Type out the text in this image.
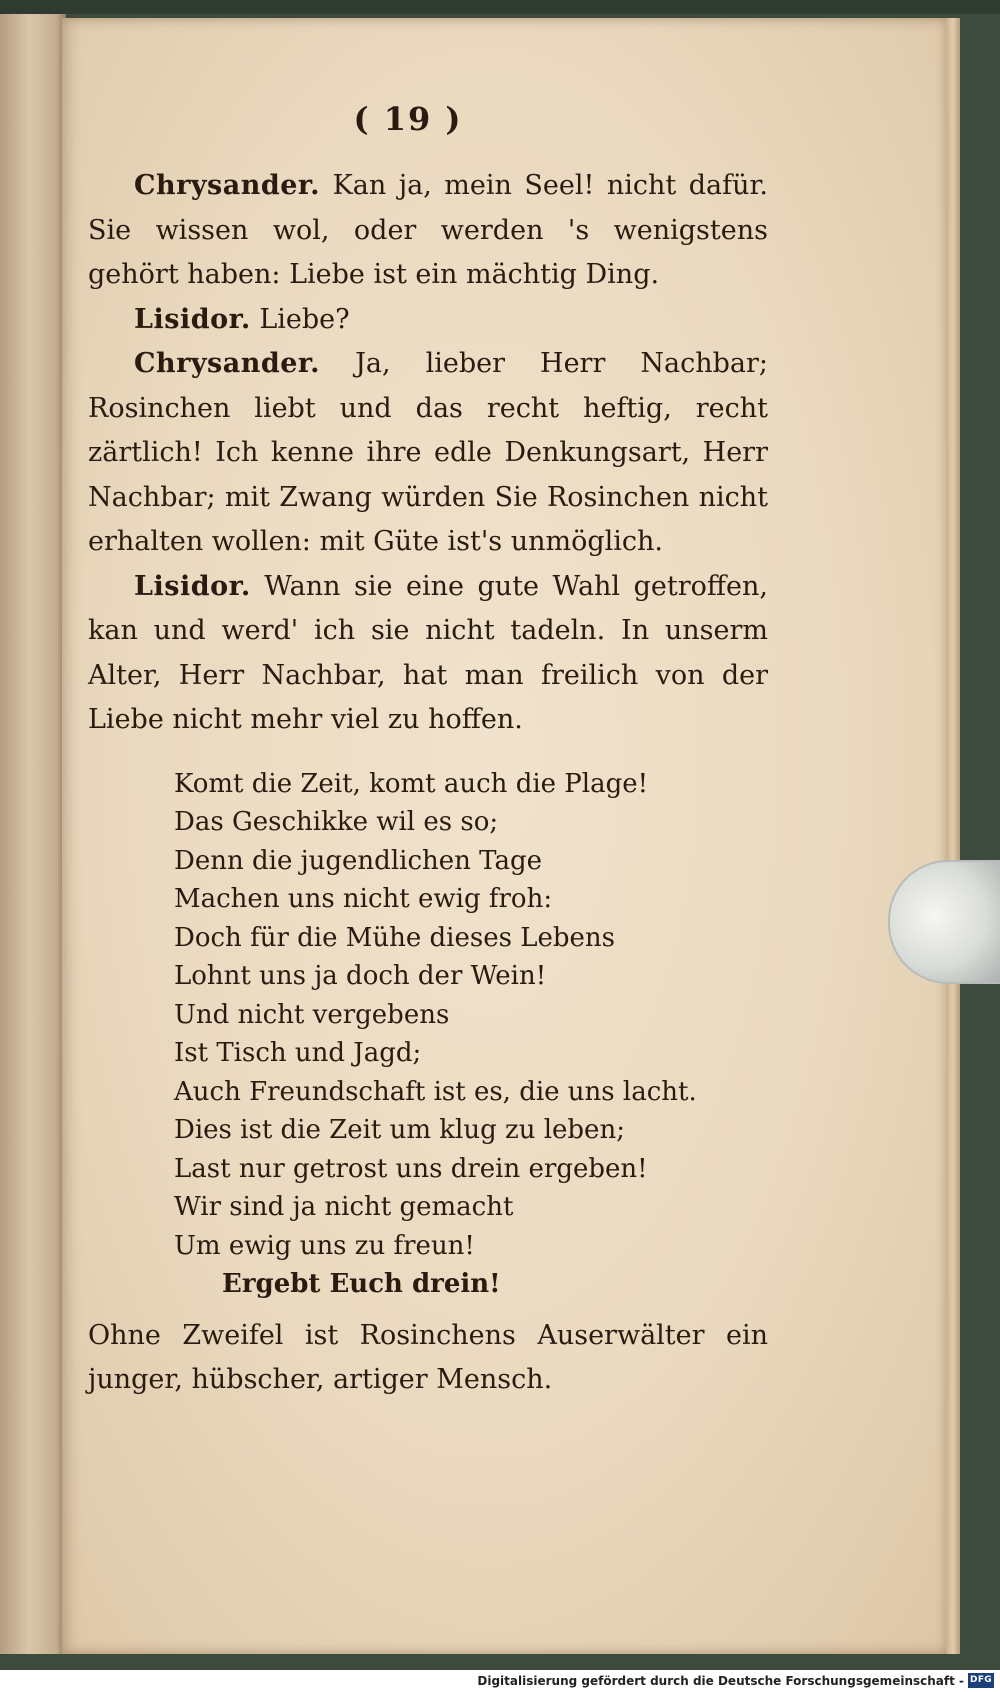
( 19 )

Chrysander. Kan ja, mein Seel! nicht dafür. Sie wissen wol, oder werden 's wenigstens gehört haben: Liebe ist ein mächtig Ding.

Lisidor. Liebe?

Chrysander. Ja, lieber Herr Nachbar; Rosinchen liebt und das recht heftig, recht zärtlich! Ich kenne ihre edle Denkungsart, Herr Nachbar; mit Zwang würden Sie Rosinchen nicht erhalten wollen: mit Güte ist's unmöglich.

Lisidor. Wann sie eine gute Wahl getroffen, kan und werd' ich sie nicht tadeln. In unserm Alter, Herr Nachbar, hat man freilich von der Liebe nicht mehr viel zu hoffen.

Komt die Zeit, komt auch die Plage!
Das Geschikke wil es so;
Denn die jugendlichen Tage
Machen uns nicht ewig froh:
Doch für die Mühe dieses Lebens
Lohnt uns ja doch der Wein!
Und nicht vergebens
Ist Tisch und Jagd;
Auch Freundschaft ist es, die uns lacht.
Dies ist die Zeit um klug zu leben;
Last nur getrost uns drein ergeben!
Wir sind ja nicht gemacht
Um ewig uns zu freun!
Ergebt Euch drein!

Ohne Zweifel ist Rosinchens Auserwälter ein junger, hübscher, artiger Mensch.

Digitalisierung gefördert durch die Deutsche Forschungsgemeinschaft - DFG
